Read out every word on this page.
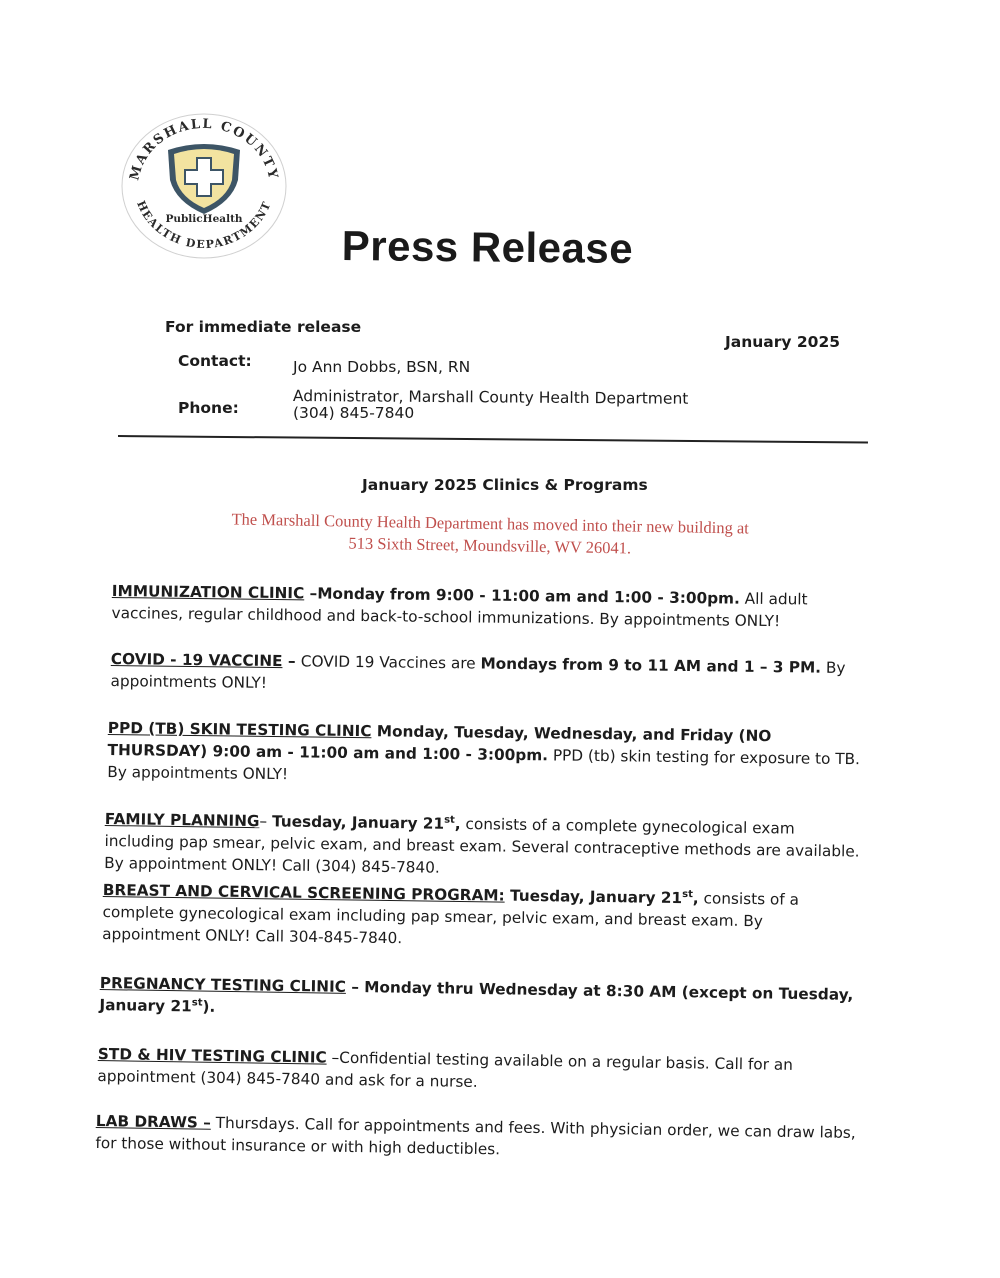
MARSHALL COUNTY
HEALTH DEPARTMENT
PublicHealth
Press Release
For immediate release
January 2025
Contact:	Jo Ann Dobbs, BSN, RN
Administrator, Marshall County Health Department
Phone:	(304) 845-7840
January 2025 Clinics & Programs
The Marshall County Health Department has moved into their new building at
513 Sixth Street, Moundsville, WV 26041.

IMMUNIZATION CLINIC –Monday from 9:00 - 11:00 am and 1:00 - 3:00pm. All adult vaccines, regular childhood and back-to-school immunizations. By appointments ONLY!

COVID - 19 VACCINE – COVID 19 Vaccines are Mondays from 9 to 11 AM and 1 – 3 PM. By appointments ONLY!

PPD (TB) SKIN TESTING CLINIC Monday, Tuesday, Wednesday, and Friday (NO THURSDAY) 9:00 am - 11:00 am and 1:00 - 3:00pm. PPD (tb) skin testing for exposure to TB. By appointments ONLY!

FAMILY PLANNING– Tuesday, January 21st, consists of a complete gynecological exam including pap smear, pelvic exam, and breast exam. Several contraceptive methods are available. By appointment ONLY! Call (304) 845-7840.

BREAST AND CERVICAL SCREENING PROGRAM: Tuesday, January 21st, consists of a complete gynecological exam including pap smear, pelvic exam, and breast exam. By appointment ONLY! Call 304-845-7840.

PREGNANCY TESTING CLINIC – Monday thru Wednesday at 8:30 AM (except on Tuesday, January 21st).

STD & HIV TESTING CLINIC –Confidential testing available on a regular basis. Call for an appointment (304) 845-7840 and ask for a nurse.

LAB DRAWS – Thursdays. Call for appointments and fees. With physician order, we can draw labs, for those without insurance or with high deductibles.
